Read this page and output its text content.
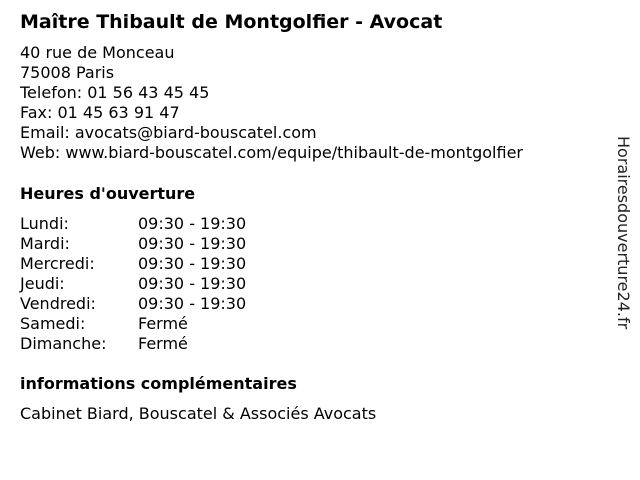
Maître Thibault de Montgolfier - Avocat
40 rue de Monceau
75008 Paris
Telefon: 01 56 43 45 45
Fax: 01 45 63 91 47
Email: avocats@biard-bouscatel.com
Web: www.biard-bouscatel.com/equipe/thibault-de-montgolfier
Heures d'ouverture
Lundi:	09:30 - 19:30
Mardi:	09:30 - 19:30
Mercredi:	09:30 - 19:30
Jeudi:	09:30 - 19:30
Vendredi:	09:30 - 19:30
Samedi:	Fermé
Dimanche: Fermé
informations complémentaires
Cabinet Biard, Bouscatel & Associés Avocats
Horairesdouverture24.fr
